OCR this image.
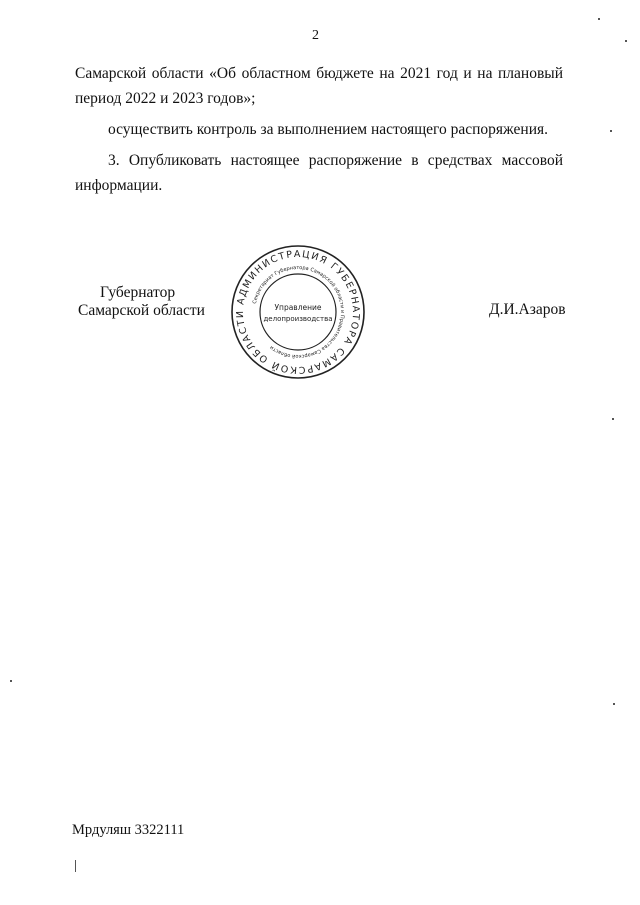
2
Самарской области «Об областном бюджете на 2021 год и на плановый
период 2022 и 2023 годов»;
осуществить контроль за выполнением настоящего распоряжения.
3. Опубликовать настоящее распоряжение в средствах массовой
информации.
Губернатор
Самарской области	Д.И.Азаров
АДМИНИСТРАЦИЯ ГУБЕРНАТОРА САМАРСКОЙ ОБЛАСТИ
Секретариат Губернатора Самарской области и Правительства Самарской области
Управление
делопроизводства
Мрдуляш 3322111
